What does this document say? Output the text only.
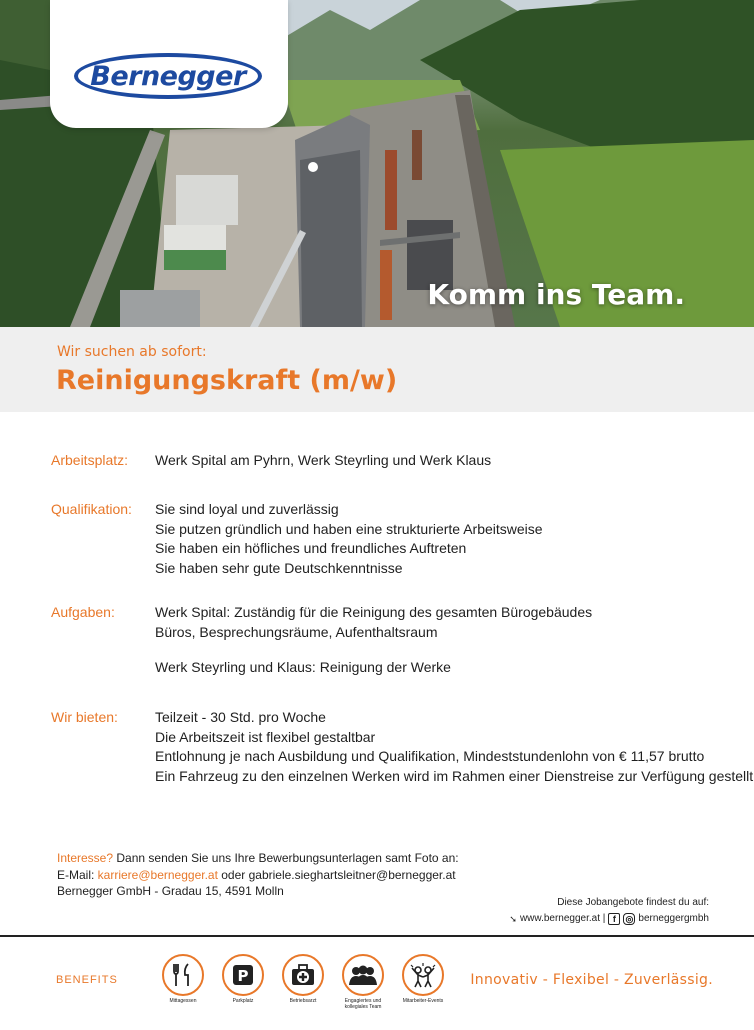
Bernegger
Komm ins Team.
Wir suchen ab sofort:
Reinigungskraft (m/w)
Arbeitsplatz: Werk Spital am Pyhrn, Werk Steyrling und Werk Klaus
Qualifikation: Sie sind loyal und zuverlässig
Sie putzen gründlich und haben eine strukturierte Arbeitsweise
Sie haben ein höfliches und freundliches Auftreten
Sie haben sehr gute Deutschkenntnisse
Aufgaben:	Werk Spital: Zuständig für die Reinigung des gesamten Bürogebäudes
Büros, Besprechungsräume, Aufenthaltsraum
Werk Steyrling und Klaus: Reinigung der Werke
Wir bieten:	Teilzeit - 30 Std. pro Woche
Die Arbeitszeit ist flexibel gestaltbar
Entlohnung je nach Ausbildung und Qualifikation, Mindeststundenlohn von € 11,57 brutto
Ein Fahrzeug zu den einzelnen Werken wird im Rahmen einer Dienstreise zur Verfügung gestellt
Interesse? Dann senden Sie uns Ihre Bewerbungsunterlagen samt Foto an:
E-Mail: karriere@bernegger.at oder gabriele.sieghartsleitner@bernegger.at
Bernegger GmbH - Gradau 15, 4591 Molln
Diese Jobangebote findest du auf:
➘ www.bernegger.at | f	◎ berneggergmbh
BENEFITS
Mittagessen
P
Parkplatz	Betriebsarzt	Engagiertes und kollegiales Team
Mitarbeiter-Events
Innovativ - Flexibel - Zuverlässig.
